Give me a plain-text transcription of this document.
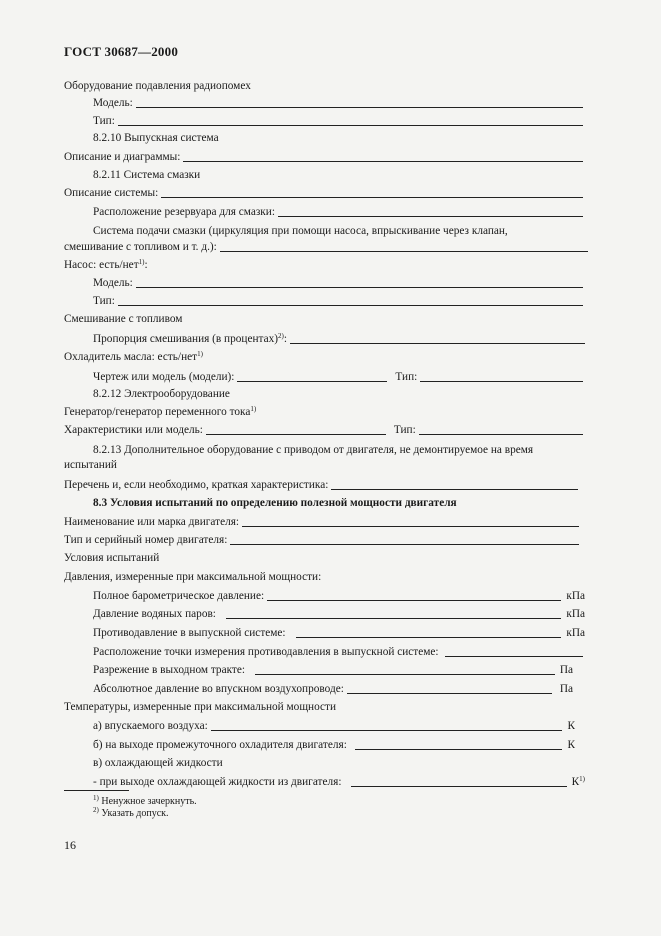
ГОСТ 30687—2000
Оборудование подавления радиопомех
Модель:
Тип:
8.2.10 Выпускная система
Описание и диаграммы:
8.2.11 Система смазки
Описание системы:
Расположение резервуара для смазки:
Система подачи смазки (циркуляция при помощи насоса, впрыскивание через клапан,
смешивание с топливом и т. д.):
Насос: есть/нет$^{1)}$:
Модель:
Тип:
Смешивание с топливом
Пропорция смешивания (в процентах)$^{2)}$:
Охладитель масла: есть/нет$^{1)}$
Чертеж или модель (модели):	Тип:
8.2.12 Электрооборудование
Генератор/генератор переменного тока$^{1)}$
Характеристики или модель:	Тип:
8.2.13 Дополнительное оборудование с приводом от двигателя, не демонтируемое на время
испытаний
Перечень и, если необходимо, краткая характеристика:
8.3 Условия испытаний по определению полезной мощности двигателя
Наименование или марка двигателя:
Тип и серийный номер двигателя:
Условия испытаний
Давления, измеренные при максимальной мощности:
Полное барометрическое давление:	кПа
Давление водяных паров:	кПа
Противодавление в выпускной системе:	кПа
Расположение точки измерения противодавления в выпускной системе:
Разрежение в выходном тракте:	Па
Абсолютное давление во впускном воздухопроводе:	Па
Температуры, измеренные при максимальной мощности
а) впускаемого воздуха:	К
б) на выходе промежуточного охладителя двигателя:	К
в) охлаждающей жидкости
- при выходе охлаждающей жидкости из двигателя:	$К^{1)}$
$^{1)}$ Ненужное зачеркнуть.
$^{2)}$ Указать допуск.
16
